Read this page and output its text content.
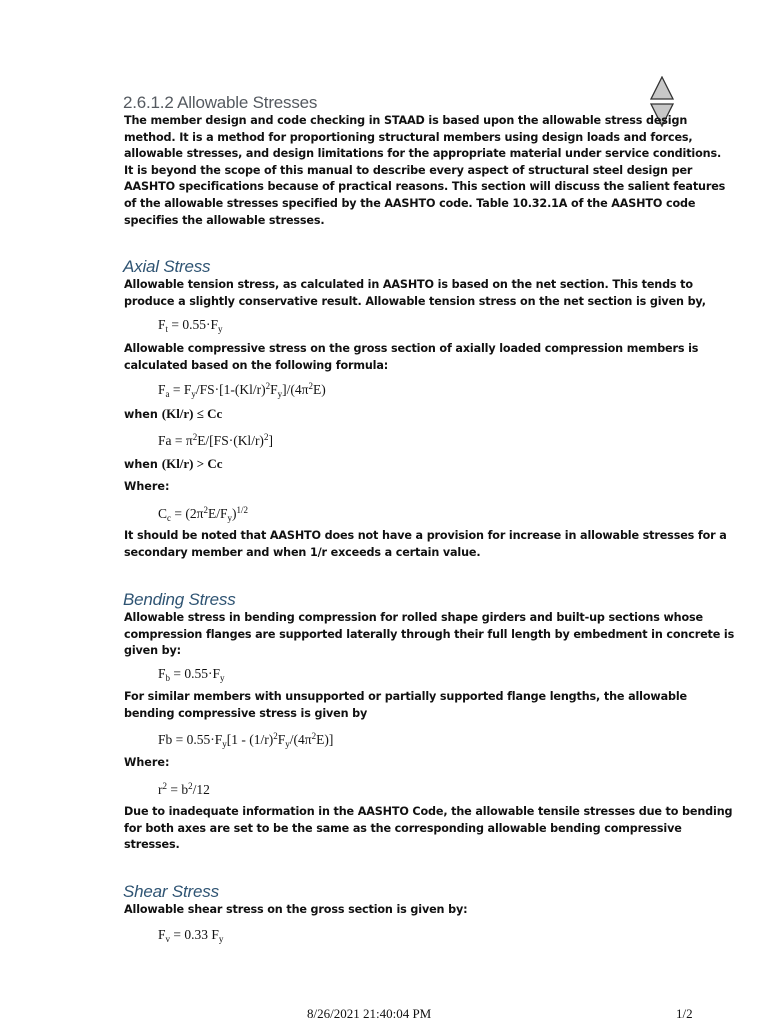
2.6.1.2 Allowable Stresses
The member design and code checking in STAAD is based upon the allowable stress design
method. It is a method for proportioning structural members using design loads and forces,
allowable stresses, and design limitations for the appropriate material under service conditions.
It is beyond the scope of this manual to describe every aspect of structural steel design per
AASHTO specifications because of practical reasons. This section will discuss the salient features
of the allowable stresses specified by the AASHTO code. Table 10.32.1A of the AASHTO code
specifies the allowable stresses.
Axial Stress
Allowable tension stress, as calculated in AASHTO is based on the net section. This tends to
produce a slightly conservative result. Allowable tension stress on the net section is given by,
$F_t = 0.55\cdot F_y$
Allowable compressive stress on the gross section of axially loaded compression members is
calculated based on the following formula:
$F_a = F_y/FS\cdot[1-(Kl/r)^2F_y]/(4\pi^2E)$
when (Kl/r) ≤ Cc
$Fa = \pi^2E/[FS\cdot(Kl/r)^2]$
when (Kl/r) > Cc
Where:
$C_c = (2\pi^2E/F_y)^{1/2}$
It should be noted that AASHTO does not have a provision for increase in allowable stresses for a
secondary member and when 1/r exceeds a certain value.
Bending Stress
Allowable stress in bending compression for rolled shape girders and built-up sections whose
compression flanges are supported laterally through their full length by embedment in concrete is
given by:
$F_b = 0.55\cdot F_y$
For similar members with unsupported or partially supported flange lengths, the allowable
bending compressive stress is given by
$Fb = 0.55\cdot F_y[1 - (1/r)^2F_y/(4\pi^2E)]$
Where:
$r^2 = b^2/12$
Due to inadequate information in the AASHTO Code, the allowable tensile stresses due to bending
for both axes are set to be the same as the corresponding allowable bending compressive
stresses.
Shear Stress
Allowable shear stress on the gross section is given by:
$F_v = 0.33$ $F_y$
8/26/2021 21:40:04 PM	1/2
